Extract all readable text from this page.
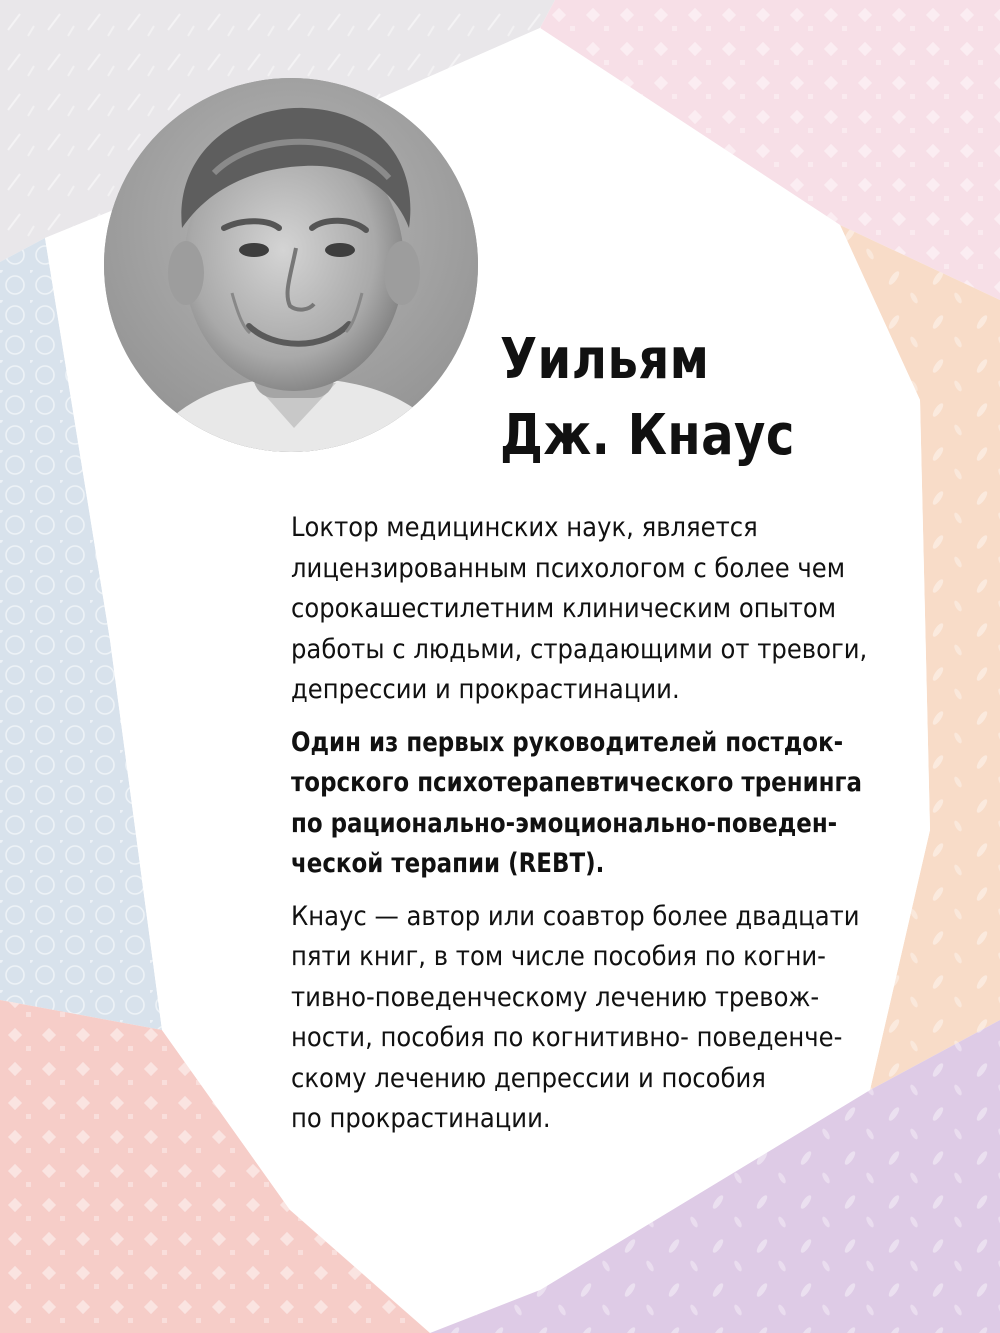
Уильям
Дж. Кнаус
Lоктор медицинских наук, является
лицензированным психологом с более чем
сорокашестилетним клиническим опытом
работы с людьми, страдающими от тревоги,
депрессии и прокрастинации.
Один из первых руководителей постдок-
торского психотерапевтического тренинга
по рационально-эмоционально-поведен-
ческой терапии (REBT).
Кнаус — автор или соавтор более двадцати
пяти книг, в том числе пособия по когни-
тивно-поведенческому лечению тревож-
ности, пособия по когнитивно- поведенче-
скому лечению депрессии и пособия
по прокрастинации.
